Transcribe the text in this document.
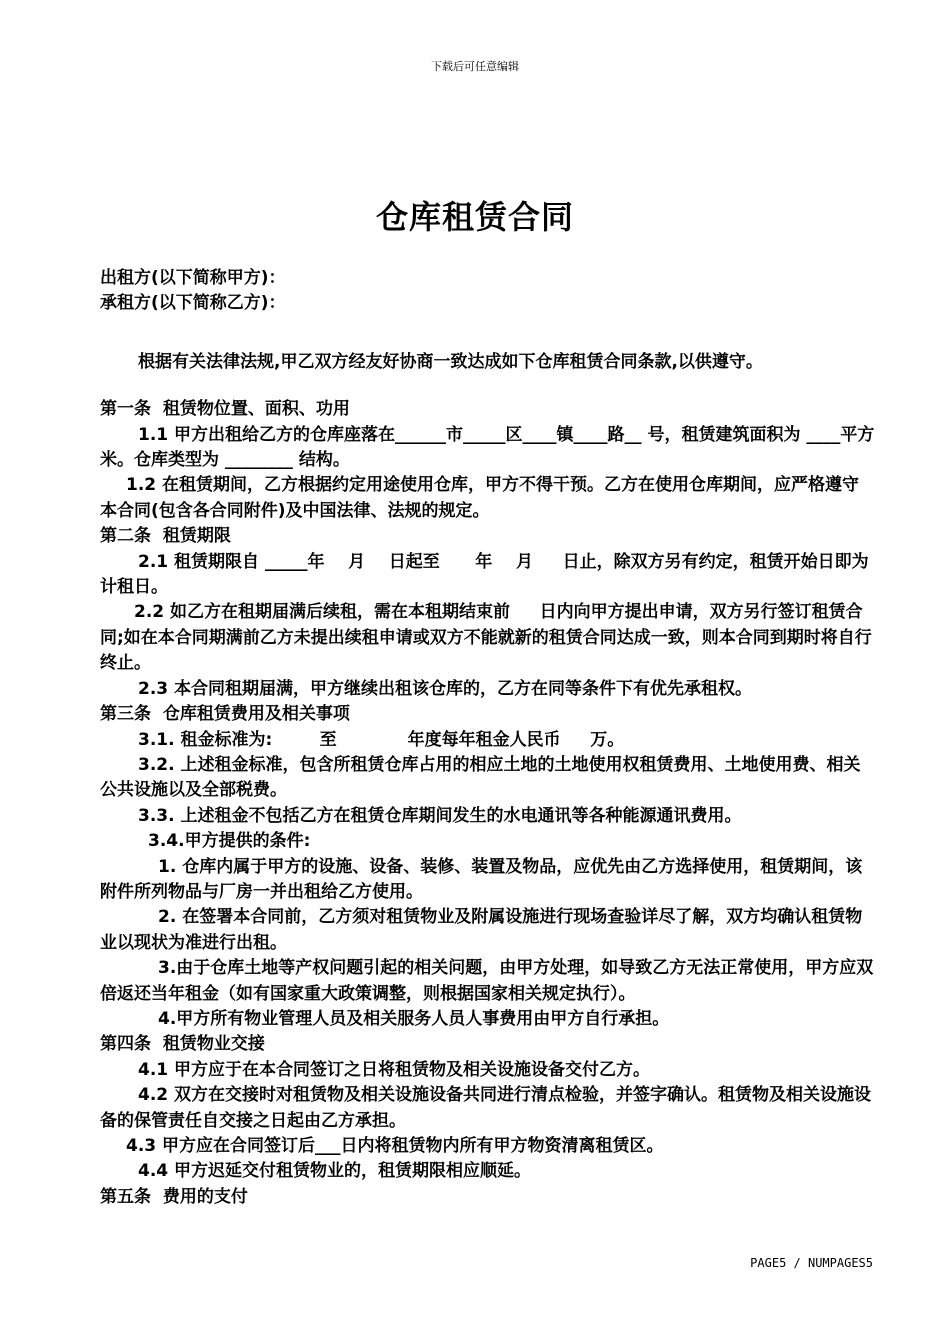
下载后可任意编辑
仓库租赁合同

出租方(以下简称甲方)：

承租方(以下简称乙方)：

根据有关法律法规,甲乙双方经友好协商一致达成如下仓库租赁合同条款,以供遵守。

第一条  租赁物位置、面积、功用

1.1 甲方出租给乙方的仓库座落在______市_____区____镇____路__ 号，租赁建筑面积为 ____平方米。仓库类型为 ________ 结构。

1.2 在租赁期间，乙方根据约定用途使用仓库，甲方不得干预。乙方在使用仓库期间，应严格遵守本合同(包含各合同附件)及中国法律、法规的规定。

第二条  租赁期限

2.1 租赁期限自 _____年    月    日起至      年    月     日止，除双方另有约定，租赁开始日即为计租日。

2.2 如乙方在租期届满后续租，需在本租期结束前     日内向甲方提出申请，双方另行签订租赁合同;如在本合同期满前乙方未提出续租申请或双方不能就新的租赁合同达成一致，则本合同到期时将自行终止。

2.3 本合同租期届满，甲方继续出租该仓库的，乙方在同等条件下有优先承租权。

第三条  仓库租赁费用及相关事项

3.1. 租金标准为:        至            年度每年租金人民币     万。

3.2. 上述租金标准，包含所租赁仓库占用的相应土地的土地使用权租赁费用、土地使用费、相关公共设施以及全部税费。

3.3. 上述租金不包括乙方在租赁仓库期间发生的水电通讯等各种能源通讯费用。

3.4.甲方提供的条件:

1. 仓库内属于甲方的设施、设备、装修、装置及物品，应优先由乙方选择使用，租赁期间，该附件所列物品与厂房一并出租给乙方使用。

2. 在签署本合同前，乙方须对租赁物业及附属设施进行现场查验详尽了解，双方均确认租赁物业以现状为准进行出租。

3.由于仓库土地等产权问题引起的相关问题，由甲方处理，如导致乙方无法正常使用，甲方应双倍返还当年租金（如有国家重大政策调整，则根据国家相关规定执行）。

4.甲方所有物业管理人员及相关服务人员人事费用由甲方自行承担。

第四条  租赁物业交接

4.1 甲方应于在本合同签订之日将租赁物及相关设施设备交付乙方。

4.2 双方在交接时对租赁物及相关设施设备共同进行清点检验，并签字确认。租赁物及相关设施设备的保管责任自交接之日起由乙方承担。

4.3 甲方应在合同签订后___日内将租赁物内所有甲方物资清离租赁区。

4.4 甲方迟延交付租赁物业的，租赁期限相应顺延。

第五条  费用的支付

PAGE5 / NUMPAGES5
